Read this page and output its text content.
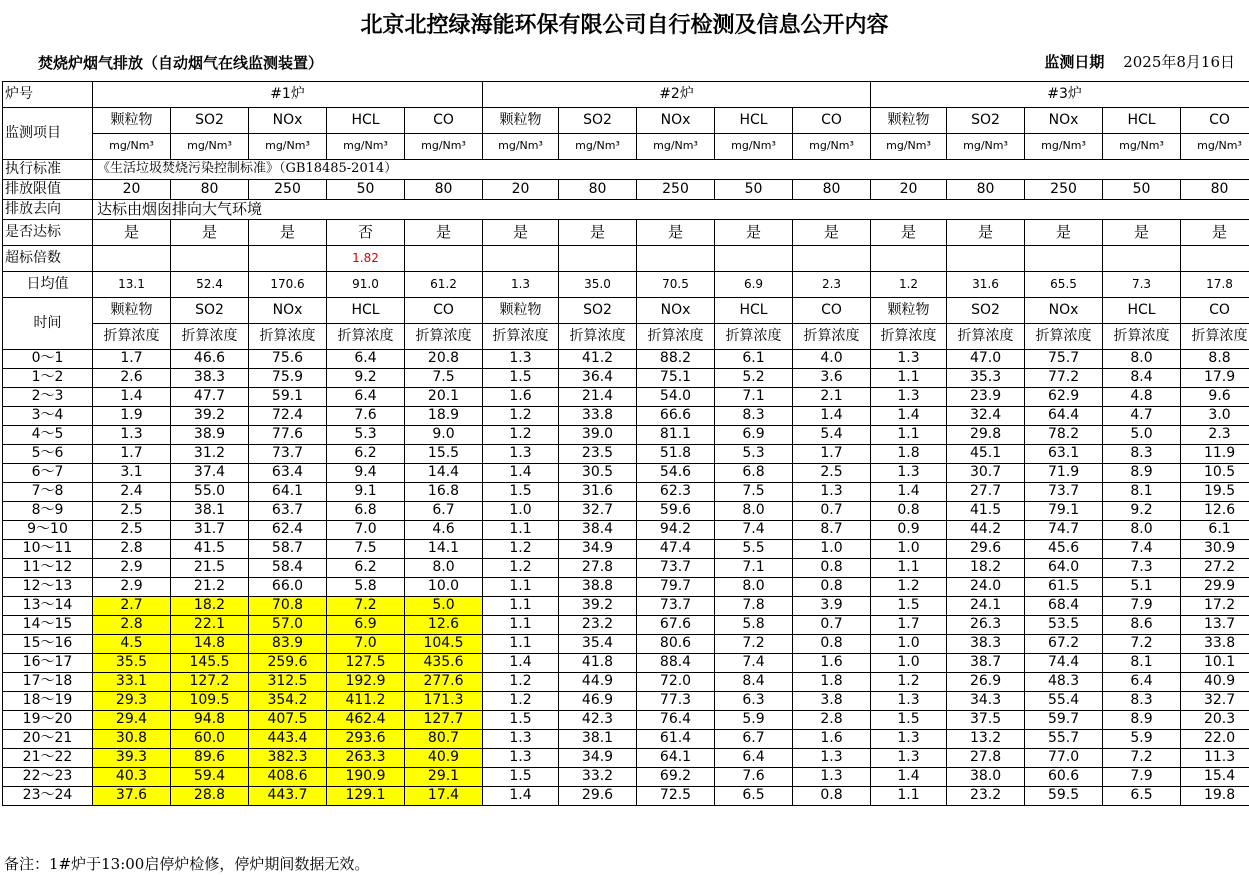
北京北控绿海能环保有限公司自行检测及信息公开内容
焚烧炉烟气排放（自动烟气在线监测装置）	监测日期 2025年8月16日
炉号	#1炉					#2炉					#3炉				
监测项目	颗粒物	SO2	NOx	HCL	CO	颗粒物	SO2	NOx	HCL	CO	颗粒物	SO2	NOx	HCL	CO
	mg/Nm³	mg/Nm³	mg/Nm³	mg/Nm³	mg/Nm³	mg/Nm³	mg/Nm³	mg/Nm³	mg/Nm³	mg/Nm³	mg/Nm³	mg/Nm³	mg/Nm³	mg/Nm³	mg/Nm³
执行标准	《生活垃圾焚烧污染控制标准》（GB18485-2014）														
排放限值	20	80	250	50	80	20	80	250	50	80	20	80	250	50	80
排放去向	达标由烟囱排向大气环境														
是否达标	是	是	是	否	是	是	是	是	是	是	是	是	是	是	是
超标倍数				1.82											
日均值	13.1	52.4	170.6	91.0	61.2	1.3	35.0	70.5	6.9	2.3	1.2	31.6	65.5	7.3	17.8
时间	颗粒物	SO2	NOx	HCL	CO	颗粒物	SO2	NOx	HCL	CO	颗粒物	SO2	NOx	HCL	CO
	折算浓度	折算浓度	折算浓度	折算浓度	折算浓度	折算浓度	折算浓度	折算浓度	折算浓度	折算浓度	折算浓度	折算浓度	折算浓度	折算浓度	折算浓度
0～1	1.7	46.6	75.6	6.4	20.8	1.3	41.2	88.2	6.1	4.0	1.3	47.0	75.7	8.0	8.8
1～2	2.6	38.3	75.9	9.2	7.5	1.5	36.4	75.1	5.2	3.6	1.1	35.3	77.2	8.4	17.9
2～3	1.4	47.7	59.1	6.4	20.1	1.6	21.4	54.0	7.1	2.1	1.3	23.9	62.9	4.8	9.6
3～4	1.9	39.2	72.4	7.6	18.9	1.2	33.8	66.6	8.3	1.4	1.4	32.4	64.4	4.7	3.0
4～5	1.3	38.9	77.6	5.3	9.0	1.2	39.0	81.1	6.9	5.4	1.1	29.8	78.2	5.0	2.3
5～6	1.7	31.2	73.7	6.2	15.5	1.3	23.5	51.8	5.3	1.7	1.8	45.1	63.1	8.3	11.9
6～7	3.1	37.4	63.4	9.4	14.4	1.4	30.5	54.6	6.8	2.5	1.3	30.7	71.9	8.9	10.5
7～8	2.4	55.0	64.1	9.1	16.8	1.5	31.6	62.3	7.5	1.3	1.4	27.7	73.7	8.1	19.5
8～9	2.5	38.1	63.7	6.8	6.7	1.0	32.7	59.6	8.0	0.7	0.8	41.5	79.1	9.2	12.6
9～10	2.5	31.7	62.4	7.0	4.6	1.1	38.4	94.2	7.4	8.7	0.9	44.2	74.7	8.0	6.1
10～11	2.8	41.5	58.7	7.5	14.1	1.2	34.9	47.4	5.5	1.0	1.0	29.6	45.6	7.4	30.9
11～12	2.9	21.5	58.4	6.2	8.0	1.2	27.8	73.7	7.1	0.8	1.1	18.2	64.0	7.3	27.2
12～13	2.9	21.2	66.0	5.8	10.0	1.1	38.8	79.7	8.0	0.8	1.2	24.0	61.5	5.1	29.9
13～14	2.7	18.2	70.8	7.2	5.0	1.1	39.2	73.7	7.8	3.9	1.5	24.1	68.4	7.9	17.2
14～15	2.8	22.1	57.0	6.9	12.6	1.1	23.2	67.6	5.8	0.7	1.7	26.3	53.5	8.6	13.7
15～16	4.5	14.8	83.9	7.0	104.5	1.1	35.4	80.6	7.2	0.8	1.0	38.3	67.2	7.2	33.8
16～17	35.5	145.5	259.6	127.5	435.6	1.4	41.8	88.4	7.4	1.6	1.0	38.7	74.4	8.1	10.1
17～18	33.1	127.2	312.5	192.9	277.6	1.2	44.9	72.0	8.4	1.8	1.2	26.9	48.3	6.4	40.9
18～19	29.3	109.5	354.2	411.2	171.3	1.2	46.9	77.3	6.3	3.8	1.3	34.3	55.4	8.3	32.7
19～20	29.4	94.8	407.5	462.4	127.7	1.5	42.3	76.4	5.9	2.8	1.5	37.5	59.7	8.9	20.3
20～21	30.8	60.0	443.4	293.6	80.7	1.3	38.1	61.4	6.7	1.6	1.3	13.2	55.7	5.9	22.0
21～22	39.3	89.6	382.3	263.3	40.9	1.3	34.9	64.1	6.4	1.3	1.3	27.8	77.0	7.2	11.3
22～23	40.3	59.4	408.6	190.9	29.1	1.5	33.2	69.2	7.6	1.3	1.4	38.0	60.6	7.9	15.4
23～24	37.6	28.8	443.7	129.1	17.4	1.4	29.6	72.5	6.5	0.8	1.1	23.2	59.5	6.5	19.8
备注：1#炉于13:00启停炉检修，停炉期间数据无效。
